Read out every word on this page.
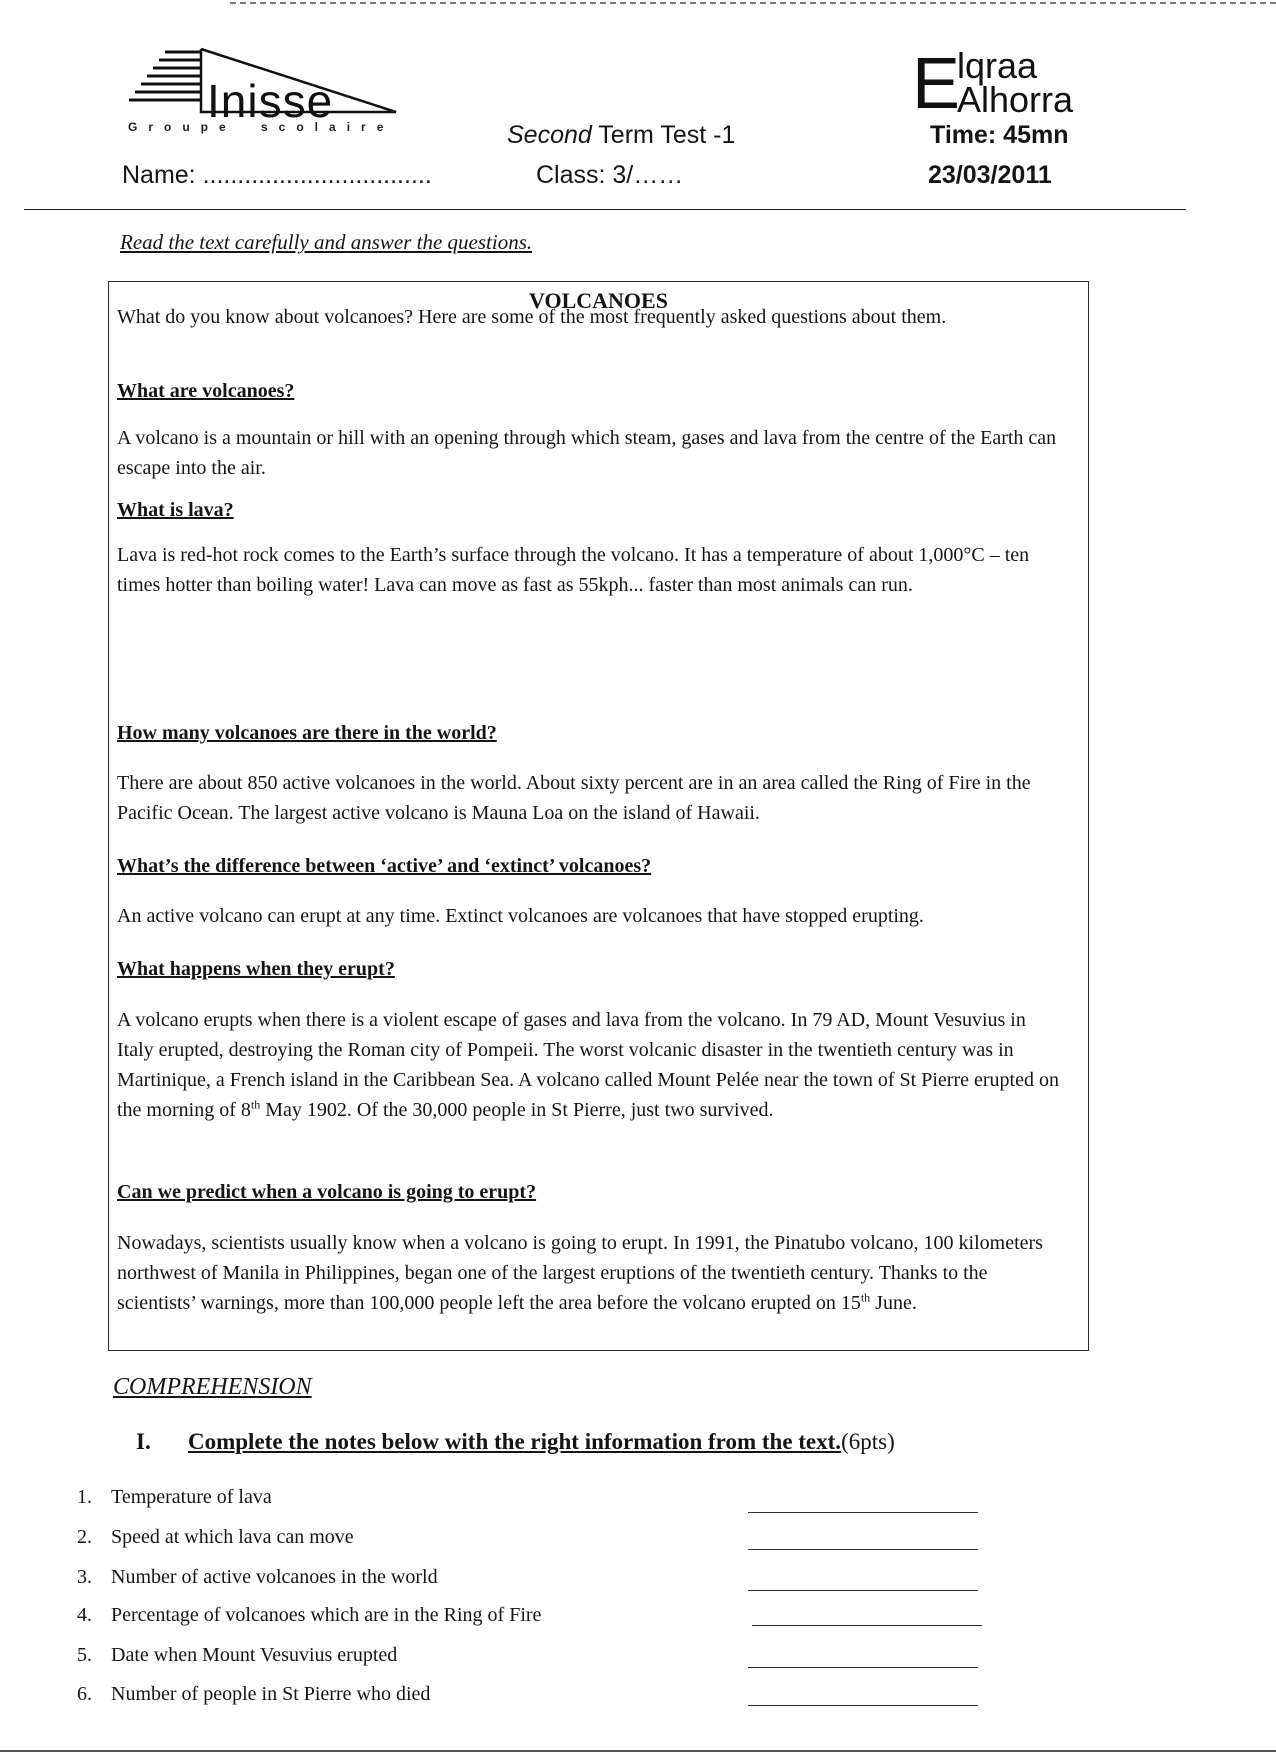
Inisse
Groupe scolaire
E
lqraa
Alhorra
Second Term Test -1	Time: 45mn
Name: .................................	Class: 3/……	23/03/2011
Read the text carefully and answer the questions.
VOLCANOES

What do you know about volcanoes? Here are some of the most frequently asked questions about them.

What are volcanoes?

A volcano is a mountain or hill with an opening through which steam, gases and lava from the centre of the Earth can escape into the air.

What is lava?

Lava is red-hot rock comes to the Earth’s surface through the volcano. It has a temperature of about 1,000°C – ten times hotter than boiling water! Lava can move as fast as 55kph... faster than most animals can run.

How many volcanoes are there in the world?

There are about 850 active volcanoes in the world. About sixty percent are in an area called the Ring of Fire in the Pacific Ocean. The largest active volcano is Mauna Loa on the island of Hawaii.

What’s the difference between ‘active’ and ‘extinct’ volcanoes?

An active volcano can erupt at any time. Extinct volcanoes are volcanoes that have stopped erupting.

What happens when they erupt?

A volcano erupts when there is a violent escape of gases and lava from the volcano. In 79 AD, Mount Vesuvius in Italy erupted, destroying the Roman city of Pompeii. The worst volcanic disaster in the twentieth century was in Martinique, a French island in the Caribbean Sea. A volcano called Mount Pelée near the town of St Pierre erupted on the morning of 8th May 1902. Of the 30,000 people in St Pierre, just two survived.

Can we predict when a volcano is going to erupt?

Nowadays, scientists usually know when a volcano is going to erupt. In 1991, the Pinatubo volcano, 100 kilometers northwest of Manila in Philippines, began one of the largest eruptions of the twentieth century. Thanks to the scientists’ warnings, more than 100,000 people left the area before the volcano erupted on 15th June.

COMPREHENSION
I. Complete the notes below with the right information from the text.(6pts)
1. Temperature of lava
2. Speed at which lava can move
3. Number of active volcanoes in the world
4. Percentage of volcanoes which are in the Ring of Fire
5. Date when Mount Vesuvius erupted
6. Number of people in St Pierre who died
